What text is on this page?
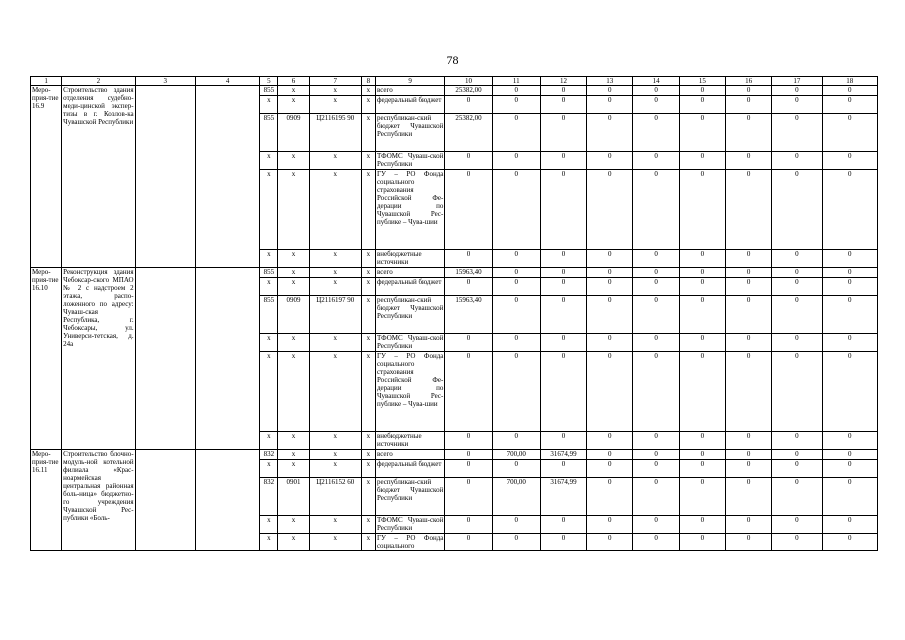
78
1	2	3	4	5	6	7	8	9	10	11	12	13	14	15	16	17	18
Меро-прия-тие 16.9	Строительство здания отделения судебно-меди-цинской экспер-тизы в г. Козлов-ка Чувашской Республики			855	x	x	x	всего	25382,00	0	0	0	0	0	0	0	0
				x	x	x	x	федеральный бюджет	0	0	0	0	0	0	0	0	0
				855	0909	Ц2116195 90	x	республикан-ский бюджет Чувашской Республики	25382,00	0	0	0	0	0	0	0	0
				x	x	x	x	ТФОМС Чуваш-ской Республики	0	0	0	0	0	0	0	0	0
				x	x	x	x	ГУ – РО Фонда социального страхования Российской Фе-дерации по Чувашской Рес-публике – Чува-шии	0	0	0	0	0	0	0	0	0
				x	x	x	x	внебюджетные источники	0	0	0	0	0	0	0	0	0
Меро-прия-тие 16.10	Реконструкция здания Чебоксар-ского МПАО № 2 с надстроем 2 этажа, распо-ложенного по адресу: Чуваш-ская Республика, г. Чебоксары, ул. Универси-тетская, д. 24а			855	x	x	x	всего	15963,40	0	0	0	0	0	0	0	0
				x	x	x	x	федеральный бюджет	0	0	0	0	0	0	0	0	0
				855	0909	Ц2116197 90	x	республикан-ский бюджет Чувашской Республики	15963,40	0	0	0	0	0	0	0	0
				x	x	x	x	ТФОМС Чуваш-ской Республики	0	0	0	0	0	0	0	0	0
				x	x	x	x	ГУ – РО Фонда социального страхования Российской Фе-дерации по Чувашской Рес-публике – Чува-шии	0	0	0	0	0	0	0	0	0
				x	x	x	x	внебюджетные источники	0	0	0	0	0	0	0	0	0
Меро-прия-тие 16.11	Строительство блочно-модуль-ной котельной филиала «Крас-ноармейская центральная районная боль-ница» бюджетно-го учреждения Чувашской Рес-публики «Боль-			832	x	x	x	всего	0	700,00	31674,99	0	0	0	0	0	0
				x	x	x	x	федеральный бюджет	0	0	0	0	0	0	0	0	0
				832	0901	Ц2116152 60	x	республикан-ский бюджет Чувашской Республики	0	700,00	31674,99	0	0	0	0	0	0
				x	x	x	x	ТФОМС Чуваш-ской Республики	0	0	0	0	0	0	0	0	0
				x	x	x	x	ГУ – РО Фонда социального	0	0	0	0	0	0	0	0	0
